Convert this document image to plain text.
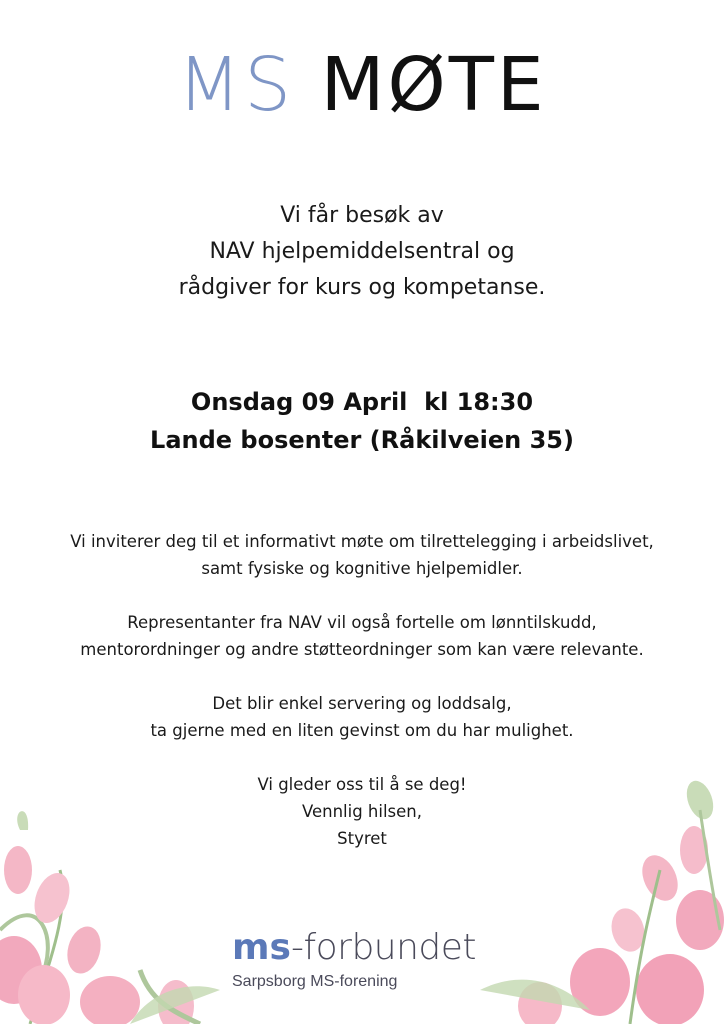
MS MØTE
Vi får besøk av
NAV hjelpemiddelsentral og
rådgiver for kurs og kompetanse.
Onsdag 09 April  kl 18:30
Lande bosenter (Råkilveien 35)

Vi inviterer deg til et informativt møte om tilrettelegging i arbeidslivet,
samt fysiske og kognitive hjelpemidler.

Representanter fra NAV vil også fortelle om lønntilskudd,
mentorordninger og andre støtteordninger som kan være relevante.

Det blir enkel servering og loddsalg,
ta gjerne med en liten gevinst om du har mulighet.

Vi gleder oss til å se deg!
Vennlig hilsen,
Styret

ms-forbundet
Sarpsborg MS-forening
